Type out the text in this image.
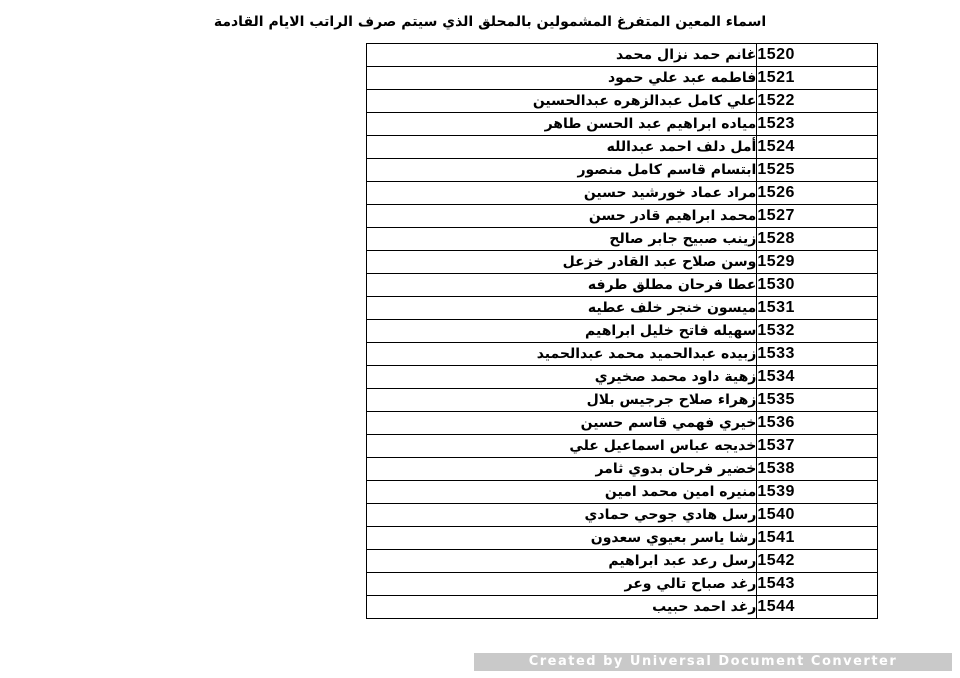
اسماء المعين المتفرغ المشمولين بالمحلق الذي سيتم صرف الراتب الايام القادمة
غانم حمد نزال محمد	1520
فاطمه عبد علي حمود	1521
علي كامل عبدالزهره عبدالحسين	1522
مياده ابراهيم عبد الحسن طاهر	1523
أمل دلف احمد عبدالله	1524
ابتسام قاسم كامل منصور	1525
مراد عماد خورشيد حسين	1526
محمد ابراهيم قادر حسن	1527
زينب صبيح جابر صالح	1528
وسن صلاح عبد القادر خزعل	1529
عطا فرحان مطلق طرفه	1530
ميسون خنجر خلف عطيه	1531
سهيله فاتح خليل ابراهيم	1532
زبيده عبدالحميد محمد عبدالحميد	1533
زهية داود محمد صخيري	1534
زهراء صلاح جرجيس بلال	1535
خيري فهمي قاسم حسين	1536
خديجه عباس اسماعيل علي	1537
خضير فرحان بدوي ثامر	1538
منيره امين محمد امين	1539
رسل هادي جوحي حمادي	1540
رشا ياسر بعيوي سعدون	1541
رسل رعد عبد ابراهيم	1542
رغد صباح تالي وعر	1543
رغد احمد حبيب	1544
Created by Universal Document Converter
